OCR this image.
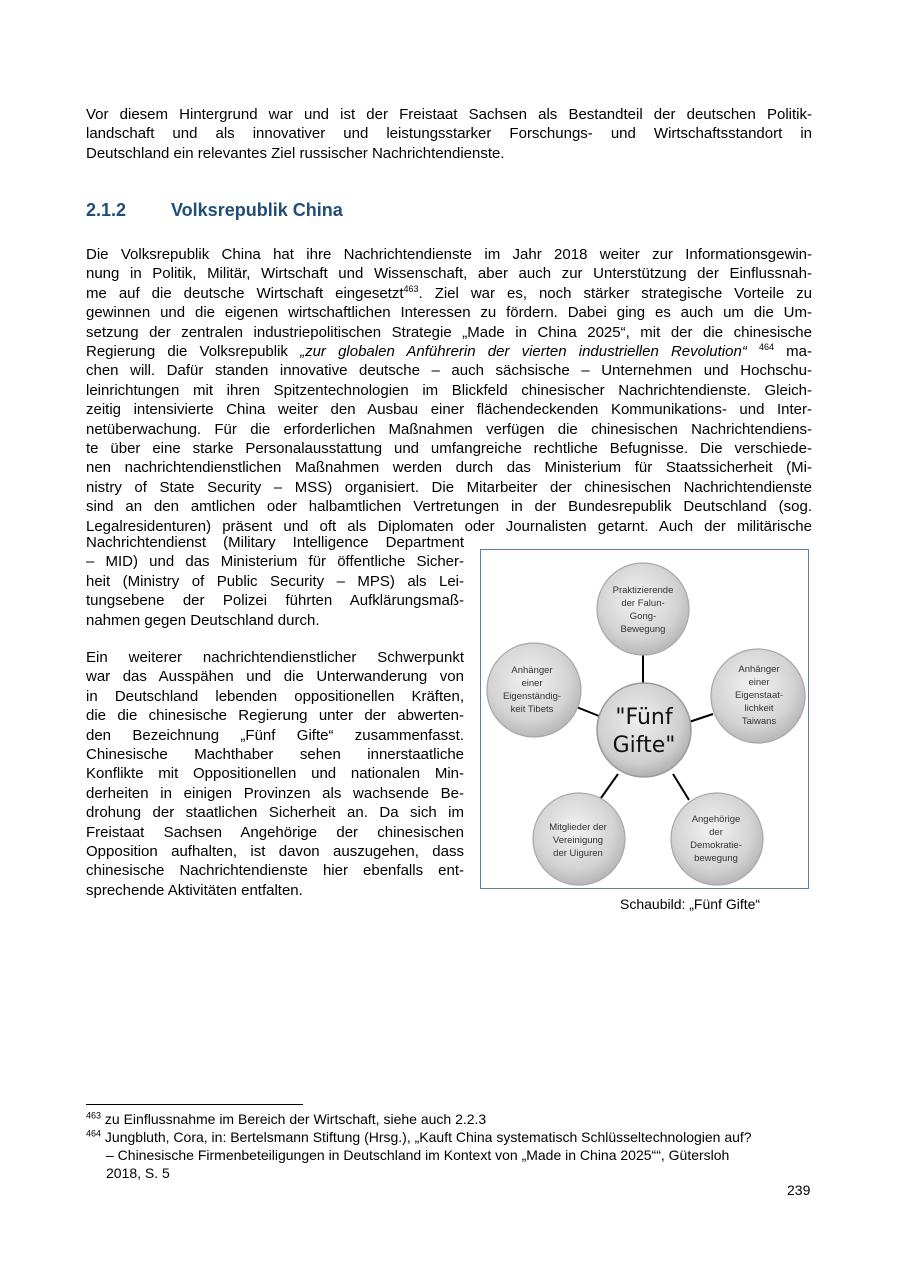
Vor diesem Hintergrund war und ist der Freistaat Sachsen als Bestandteil der deutschen Politik-
landschaft und als innovativer und leistungsstarker Forschungs- und Wirtschaftsstandort in
Deutschland ein relevantes Ziel russischer Nachrichtendienste.

2.1.2 Volksrepublik China

Die Volksrepublik China hat ihre Nachrichtendienste im Jahr 2018 weiter zur Informationsgewin-
nung in Politik, Militär, Wirtschaft und Wissenschaft, aber auch zur Unterstützung der Einflussnah-
me auf die deutsche Wirtschaft eingesetzt$^{463}$. Ziel war es, noch stärker strategische Vorteile zu
gewinnen und die eigenen wirtschaftlichen Interessen zu fördern. Dabei ging es auch um die Um-
setzung der zentralen industriepolitischen Strategie „Made in China 2025“, mit der die chinesische
Regierung die Volksrepublik „zur globalen Anführerin der vierten industriellen Revolution“ $^{464}$ ma-
chen will. Dafür standen innovative deutsche – auch sächsische – Unternehmen und Hochschu-
leinrichtungen mit ihren Spitzentechnologien im Blickfeld chinesischer Nachrichtendienste. Gleich-
zeitig intensivierte China weiter den Ausbau einer flächendeckenden Kommunikations- und Inter-
netüberwachung. Für die erforderlichen Maßnahmen verfügen die chinesischen Nachrichtendiens-
te über eine starke Personalausstattung und umfangreiche rechtliche Befugnisse. Die verschiede-
nen nachrichtendienstlichen Maßnahmen werden durch das Ministerium für Staatssicherheit (Mi-
nistry of State Security – MSS) organisiert. Die Mitarbeiter der chinesischen Nachrichtendienste
sind an den amtlichen oder halbamtlichen Vertretungen in der Bundesrepublik Deutschland (sog.
Legalresidenturen) präsent und oft als Diplomaten oder Journalisten getarnt. Auch der militärische

Nachrichtendienst (Military Intelligence Department
– MID) und das Ministerium für öffentliche Sicher-
heit (Ministry of Public Security – MPS) als Lei-
tungsebene der Polizei führten Aufklärungsmaß-
nahmen gegen Deutschland durch.

Ein weiterer nachrichtendienstlicher Schwerpunkt
war das Ausspähen und die Unterwanderung von
in Deutschland lebenden oppositionellen Kräften,
die die chinesische Regierung unter der abwerten-
den Bezeichnung „Fünf Gifte“ zusammenfasst.
Chinesische Machthaber sehen innerstaatliche
Konflikte mit Oppositionellen und nationalen Min-
derheiten in einigen Provinzen als wachsende Be-
drohung der staatlichen Sicherheit an. Da sich im
Freistaat Sachsen Angehörige der chinesischen
Opposition aufhalten, ist davon auszugehen, dass
chinesische Nachrichtendienste hier ebenfalls ent-
sprechende Aktivitäten entfalten.

"Fünf
Gifte"
Praktizierende
der Falun-
Gong-
Bewegung
Anhänger
einer
Eigenständig-
keit Tibets
Anhänger
einer
Eigenstaat-
lichkeit
Taiwans
Mitglieder der
Vereinigung
der Uiguren
Angehörige
der
Demokratie-
bewegung
Schaubild: „Fünf Gifte“

$^{463}$ zu Einflussnahme im Bereich der Wirtschaft, siehe auch 2.2.3

$^{464}$ Jungbluth, Cora, in: Bertelsmann Stiftung (Hrsg.), „Kauft China systematisch Schlüsseltechnologien auf?
– Chinesische Firmenbeteiligungen in Deutschland im Kontext von „Made in China 2025““, Gütersloh
2018, S. 5

239
